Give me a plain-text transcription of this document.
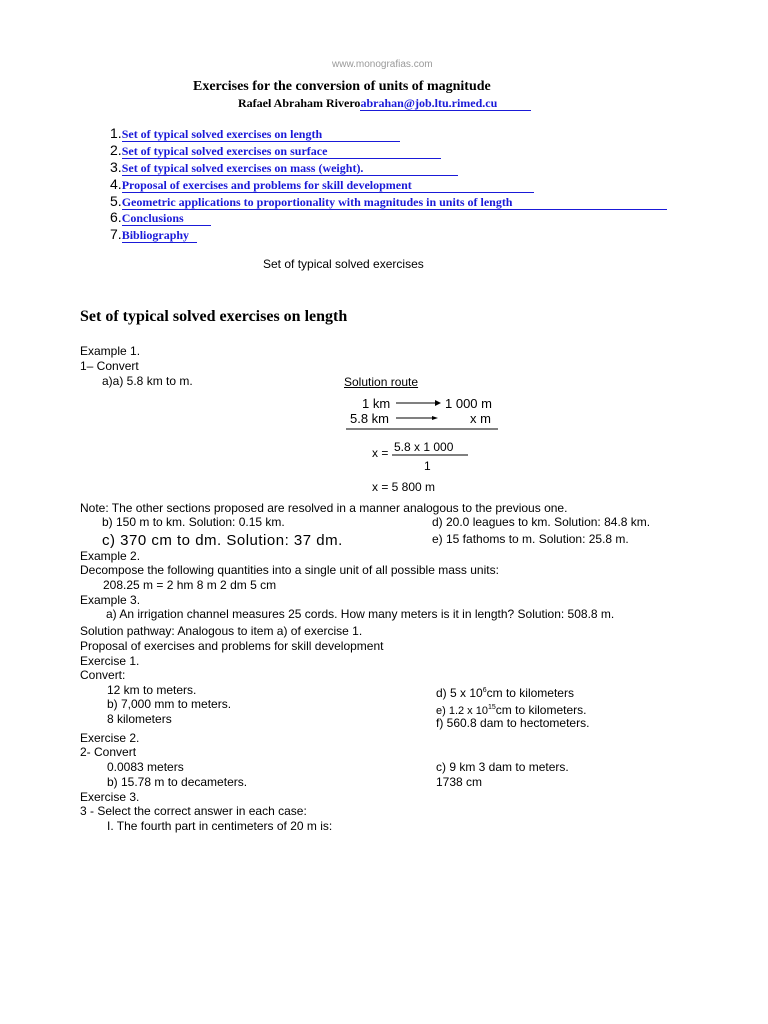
www.monografias.com
Exercises for the conversion of units of magnitude
Rafael Abraham Riveroabrahan@job.ltu.rimed.cu
1.Set of typical solved exercises on length
2.Set of typical solved exercises on surface
3.Set of typical solved exercises on mass (weight).
4.Proposal of exercises and problems for skill development
5.Geometric applications to proportionality with magnitudes in units of length
6.Conclusions
7.Bibliography
Set of typical solved exercises
Set of typical solved exercises on length
Example 1.
1– Convert
a)a) 5.8 km to m.	Solution route
1 km	1 000 m
5.8 km	x m
x = 5.8 x 1 000
1
x = 5 800 m
Note: The other sections proposed are resolved in a manner analogous to the previous one.
b) 150 m to km. Solution: 0.15 km.	d) 20.0 leagues to km. Solution: 84.8 km.
c) 370 cm to dm. Solution: 37 dm.	e) 15 fathoms to m. Solution: 25.8 m.
Example 2.
Decompose the following quantities into a single unit of all possible mass units:
208.25 m = 2 hm 8 m 2 dm 5 cm
Example 3.
a) An irrigation channel measures 25 cords. How many meters is it in length? Solution: 508.8 m.
Solution pathway: Analogous to item a) of exercise 1.
Proposal of exercises and problems for skill development
Exercise 1.
Convert:
12 km to meters.
b) 7,000 mm to meters.
8 kilometers
d) 5 x $10^6cm$ to kilometers
e) 1.2 x $10^{15}cm$ to kilometers.
f) 560.8 dam to hectometers.
Exercise 2.
2- Convert
0.0083 meters
b) 15.78 m to decameters.
c) 9 km 3 dam to meters.
1738 cm
Exercise 3.
3 - Select the correct answer in each case:
I. The fourth part in centimeters of 20 m is:
